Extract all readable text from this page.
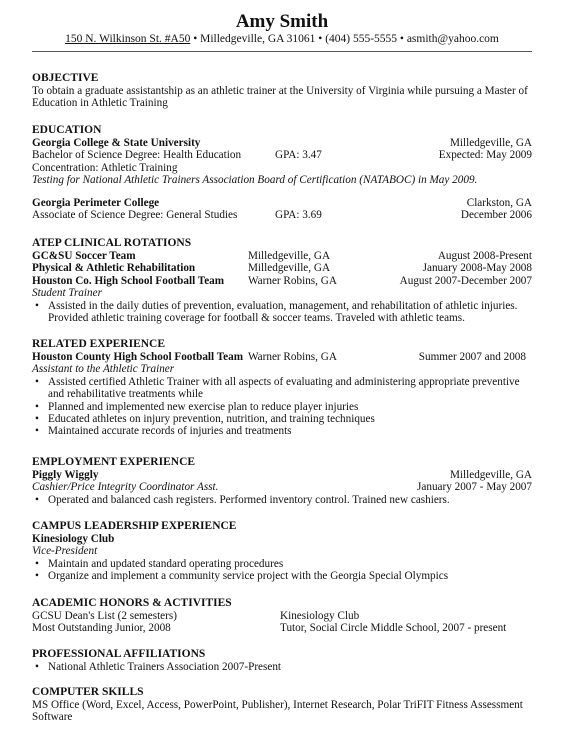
Amy Smith
150 N. Wilkinson St. #A50 • Milledgeville, GA 31061 • (404) 555-5555 • asmith@yahoo.com
OBJECTIVE

To obtain a graduate assistantship as an athletic trainer at the University of Virginia while pursuing a Master of

Education in Athletic Training

EDUCATION
Georgia College & State University	Milledgeville, GA
Bachelor of Science Degree: Health Education	GPA: 3.47	Expected: May 2009

Concentration: Athletic Training

Testing for National Athletic Trainers Association Board of Certification (NATABOC) in May 2009.

Georgia Perimeter College	Clarkston, GA
Associate of Science Degree: General Studies	GPA: 3.69	December 2006
ATEP CLINICAL ROTATIONS
GC&SU Soccer Team	Milledgeville, GA	August 2008-Present
Physical & Athletic Rehabilitation	Milledgeville, GA	January 2008-May 2008
Houston Co. High School Football Team Warner Robins, GA	August 2007-December 2007

Student Trainer

• Assisted in the daily duties of prevention, evaluation, management, and rehabilitation of athletic injuries.

Provided athletic training coverage for football & soccer teams. Traveled with athletic teams.

RELATED EXPERIENCE
Houston County High School Football Team Warner Robins, GA	Summer 2007 and 2008

Assistant to the Athletic Trainer

• Assisted certified Athletic Trainer with all aspects of evaluating and administering appropriate preventive

and rehabilitative treatments while

• Planned and implemented new exercise plan to reduce player injuries
• Educated athletes on injury prevention, nutrition, and training techniques
• Maintained accurate records of injuries and treatments
EMPLOYMENT EXPERIENCE
Piggly Wiggly	Milledgeville, GA
Cashier/Price Integrity Coordinator Asst.	January 2007 - May 2007
• Operated and balanced cash registers. Performed inventory control. Trained new cashiers.
CAMPUS LEADERSHIP EXPERIENCE

Kinesiology Club

Vice-President

• Maintain and updated standard operating procedures
• Organize and implement a community service project with the Georgia Special Olympics
ACADEMIC HONORS & ACTIVITIES
GCSU Dean's List (2 semesters)	Kinesiology Club
Most Outstanding Junior, 2008	Tutor, Social Circle Middle School, 2007 - present
PROFESSIONAL AFFILIATIONS
• National Athletic Trainers Association 2007-Present
COMPUTER SKILLS

MS Office (Word, Excel, Access, PowerPoint, Publisher), Internet Research, Polar TriFIT Fitness Assessment

Software
